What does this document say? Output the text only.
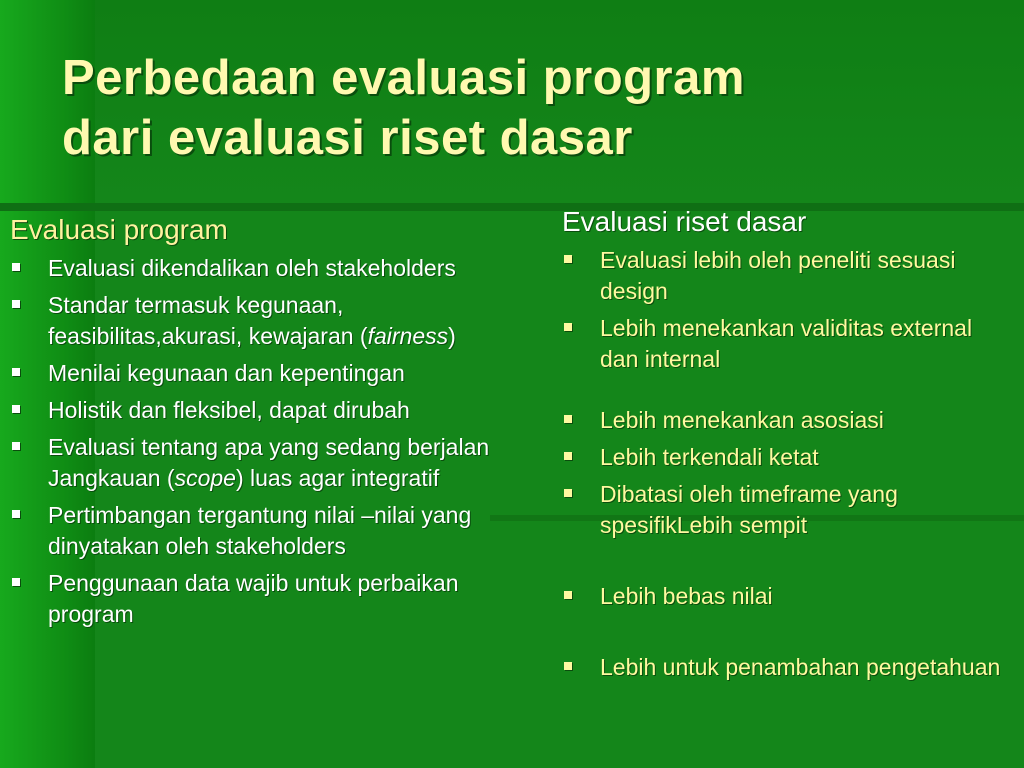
Perbedaan evaluasi program
dari evaluasi riset dasar
Evaluasi program
Evaluasi dikendalikan oleh stakeholders
Standar termasuk kegunaan, feasibilitas,akurasi, kewajaran (fairness)
Menilai kegunaan dan kepentingan
Holistik dan fleksibel, dapat dirubah
Evaluasi tentang apa yang sedang berjalan Jangkauan (scope) luas agar integratif
Pertimbangan tergantung nilai –nilai yang dinyatakan oleh stakeholders
Penggunaan data wajib untuk perbaikan program
Evaluasi riset dasar
Evaluasi lebih oleh peneliti sesuasi design
Lebih menekankan validitas external dan internal
Lebih menekankan asosiasi
Lebih terkendali ketat
Dibatasi oleh timeframe yang spesifikLebih sempit
Lebih bebas nilai
Lebih untuk penambahan pengetahuan
